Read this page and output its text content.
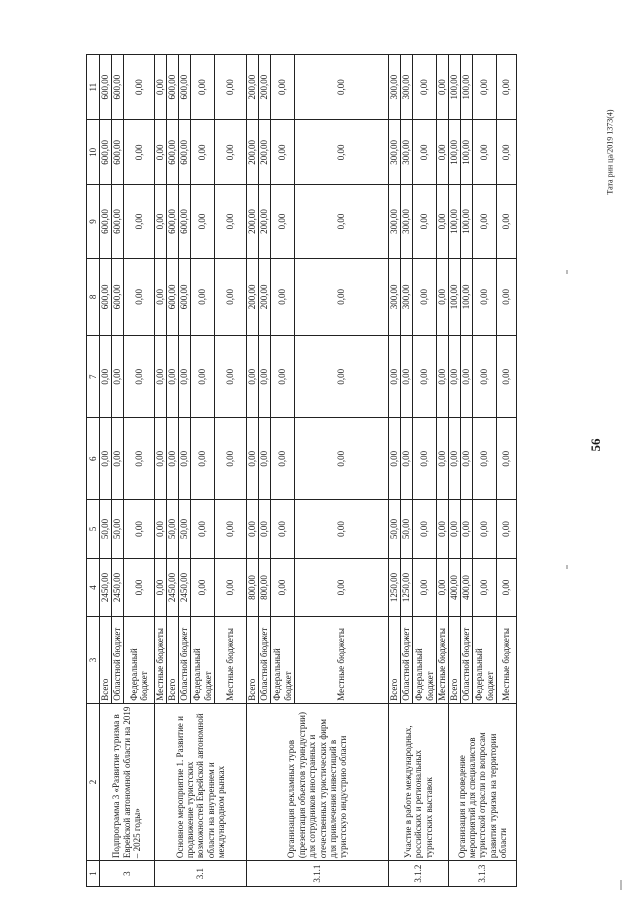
56
Тата рин ца/2019 1373(4)
1	2	3	4	5	6	7	8	9	10	11
3	Подпрограмма 3 «Развитие туризма в Еврейской автономной области на 2019 – 2025 годы»	Всего	2450,00	50,00	0,00	0,00	600,00	600,00	600,00	600,00
		Областной бюджет	2450,00	50,00	0,00	0,00	600,00	600,00	600,00	600,00
		Федеральный бюджет	0,00	0,00	0,00	0,00	0,00	0,00	0,00	0,00
3.1	Основное мероприятие 1. Развитие и продвижение туристских возможностей Еврейской автономной области на внутреннем и международном рынках	Местные бюджеты	0,00	0,00	0,00	0,00	0,00	0,00	0,00	0,00
		Всего	2450,00	50,00	0,00	0,00	600,00	600,00	600,00	600,00
		Областной бюджет	2450,00	50,00	0,00	0,00	600,00	600,00	600,00	600,00
		Федеральный бюджет	0,00	0,00	0,00	0,00	0,00	0,00	0,00	0,00
		Местные бюджеты	0,00	0,00	0,00	0,00	0,00	0,00	0,00	0,00
3.1.1	Организация рекламных туров (презентация объектов туриндустрии) для сотрудников иностранных и отечественных туристических фирм для привлечения инвестиций в туристскую индустрию области	Всего	800,00	0,00	0,00	0,00	200,00	200,00	200,00	200,00
		Областной бюджет	800,00	0,00	0,00	0,00	200,00	200,00	200,00	200,00
		Федеральный бюджет	0,00	0,00	0,00	0,00	0,00	0,00	0,00	0,00
		Местные бюджеты	0,00	0,00	0,00	0,00	0,00	0,00	0,00	0,00
3.1.2	Участие в работе международных, российских и региональных туристских выставок	Всего	1250,00	50,00	0,00	0,00	300,00	300,00	300,00	300,00
		Областной бюджет	1250,00	50,00	0,00	0,00	300,00	300,00	300,00	300,00
		Федеральный бюджет	0,00	0,00	0,00	0,00	0,00	0,00	0,00	0,00
		Местные бюджеты	0,00	0,00	0,00	0,00	0,00	0,00	0,00	0,00
3.1.3	Организация и проведение мероприятий для специалистов туристской отрасли по вопросам развития туризма на территории области	Всего	400,00	0,00	0,00	0,00	100,00	100,00	100,00	100,00
		Областной бюджет	400,00	0,00	0,00	0,00	100,00	100,00	100,00	100,00
		Федеральный бюджет	0,00	0,00	0,00	0,00	0,00	0,00	0,00	0,00
		Местные бюджеты	0,00	0,00	0,00	0,00	0,00	0,00	0,00	0,00
